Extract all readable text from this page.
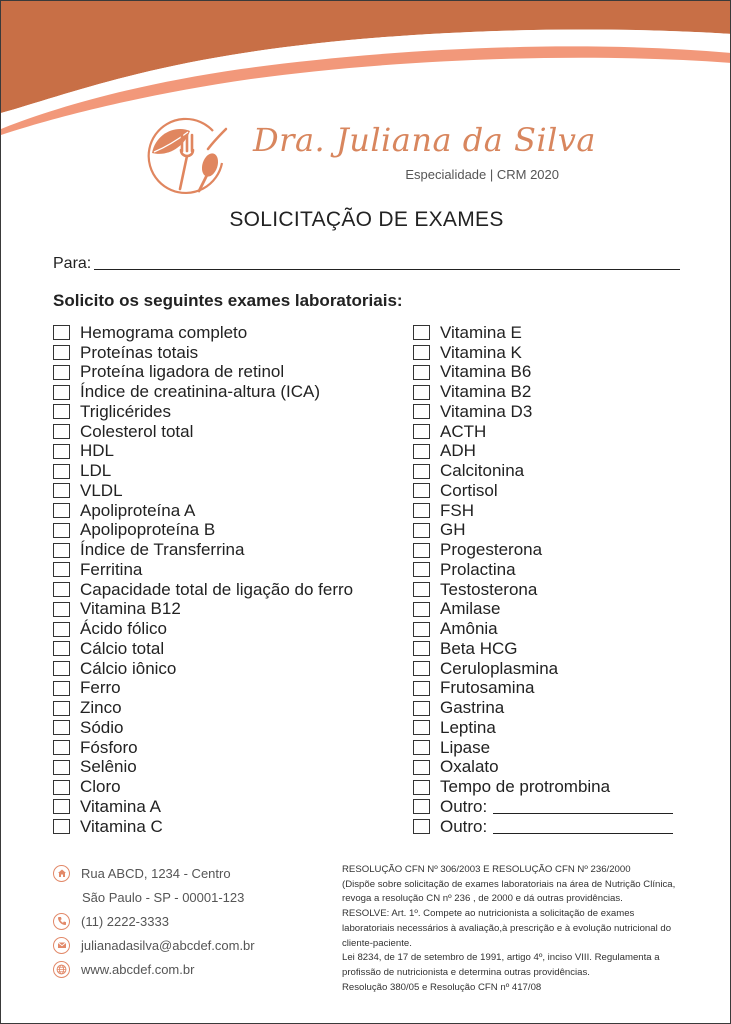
Dra. Juliana da Silva
Especialidade | CRM 2020
SOLICITAÇÃO DE EXAMES
Para:
Solicito os seguintes exames laboratoriais:
Hemograma completo
Proteínas totais
Proteína ligadora de retinol
Índice de creatinina-altura (ICA)
Triglicérides
Colesterol total
HDL
LDL
VLDL
Apoliproteína A
Apolipoproteína B
Índice de Transferrina
Ferritina
Capacidade total de ligação do ferro
Vitamina B12
Ácido fólico
Cálcio total
Cálcio iônico
Ferro
Zinco
Sódio
Fósforo
Selênio
Cloro
Vitamina A
Vitamina C
Vitamina E
Vitamina K
Vitamina B6
Vitamina B2
Vitamina D3
ACTH
ADH
Calcitonina
Cortisol
FSH
GH
Progesterona
Prolactina
Testosterona
Amilase
Amônia
Beta HCG
Ceruloplasmina
Frutosamina
Gastrina
Leptina
Lipase
Oxalato
Tempo de protrombina
Outro:
Outro:
Rua ABCD, 1234 - Centro
São Paulo - SP - 00001-123
(11) 2222-3333
julianadasilva@abcdef.com.br
www.abcdef.com.br
RESOLUÇÃO CFN Nº 306/2003 E RESOLUÇÃO CFN Nº 236/2000
(Dispõe sobre solicitação de exames laboratoriais na área de Nutrição Clínica,
revoga a resolução CN nº 236 , de 2000 e dá outras providências.
RESOLVE: Art. 1º. Compete ao nutricionista a solicitação de exames
laboratoriais necessários à avaliação,à prescrição e à evolução nutricional do
cliente-paciente.
Lei 8234, de 17 de setembro de 1991, artigo 4º, inciso VIII. Regulamenta a
profissão de nutricionista e determina outras providências.
Resolução 380/05 e Resolução CFN nº 417/08
